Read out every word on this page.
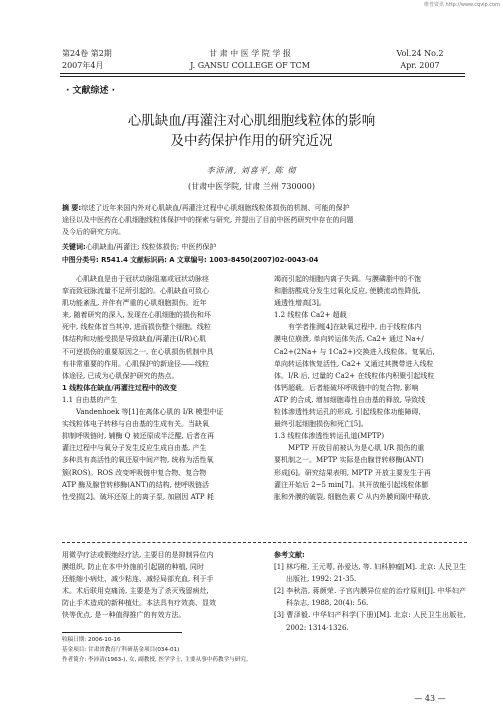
维普资讯 http://www.cqvip.com
第24卷 第2期
2007年4月
甘 肃 中 医 学 院 学 报
J. GANSU COLLEGE OF TCM
Vol.24 No.2
Apr. 2007
· 文献综述 ·
心肌缺血/再灌注对心肌细胞线粒体的影响
及中药保护作用的研究近况
李沛清, 刘喜平, 陈 彻
(甘肃中医学院, 甘肃 兰州 730000)
摘 要:综述了近年来国内外对心肌缺血/再灌注过程中心肌细胞线粒体损伤的机制、可能的保护
途径以及中医药在心肌细胞线粒体保护中的探索与研究, 并提出了目前中医药研究中存在的问题
及今后的研究方向。
关键词:心肌缺血/再灌注; 线粒体损伤; 中医药保护
中图分类号: R541.4 文献标识码: A 文章编号: 1003-8450(2007)02-0043-04

心肌缺血是由于冠状动脉阻塞或冠状动脉痉

挛而致冠脉流量不足所引起的。心肌缺血可致心
肌功能紊乱, 并伴有严重的心肌细胞损伤。近年
来, 随着研究的深入, 发现在心肌细胞的损伤和坏
死中, 线粒体首当其冲, 进而损伤整个细胞。线粒
体结构和功能受损是导致缺血/再灌注(I/R)心肌
不可逆损伤的重要原因之一, 在心肌损伤机制中具
有非常重要的作用。心肌保护的新途径——线粒
体途径, 已成为心肌保护研究的热点。
1 线粒体在缺血/再灌注过程中的改变
1.1 自由基的产生

Vandenhoek 等[1]在离体心肌的 I/R 模型中证

实线粒体电子转移与自由基的生成有关。当缺氧
抑制呼吸链时, 辅酶 Q 被还原成半泛醌, 后者在再
灌注过程中与氧分子发生反应生成自由基, 产生
多种具有高活性的氧还原中间产物, 统称为活性氧
簇(ROS)。ROS 改变呼吸链中复合物、复合物
ATP 酶及腺苷转移酶(ANT)的结构, 使呼吸链活
性受损[2]。破坏还原上的离子泵, 加剧因 ATP 耗
竭而引起的细胞内离子失调。与膜磷脂中的不饱
和脂肪酸成分发生过氧化反应, 使膜流动性降低,
通透性增高[3]。
1.2 线粒体 Ca2+ 超载

有学者推测[4]在缺氧过程中, 由于线粒体内

膜电位崩溃, 单向转运体失活, Ca2+ 通过 Na+/
Ca2+(2Na+ 与 1Ca2+)交换进入线粒体。复氧后,
单向转运体恢复活性, Ca2+ 又通过其携带进入线粒
体。I/R 后, 过量的 Ca2+ 在线粒体内积聚引起线粒
体钙超载。后者能破坏呼吸链中的复合物, 影响
ATP 的合成, 增加细胞毒性自由基的释放, 导致线
粒体渗透性转运孔的形成, 引起线粒体功能障碍,
最终引起细胞损伤和死亡[5]。
1.3 线粒体渗透性转运孔道(MPTP)

MPTP 开放目前被认为是心肌 I/R 损伤的重

要机制之一。MPTP 实际是由腺苷转移酶(ANT)
形成[6]。研究结果表明, MPTP 开放主要发生于再
灌注开始后 2~5 min[7]。其开放能引起线粒体膨
胀和外膜的破裂, 细胞色素 C 从内外膜间隙中释放,
用微孕疗法或假绝经疗法, 主要目的是抑制异位内
膜组织, 防止在本中外施前引起剧的种植, 同时
还能缩小病灶、减少粘连、减轻局部充血, 利于手
术。术后联用克痛汤, 主要是为了杀灭残留病灶,
防止手术造成的新种植灶。本法具有疗效高、显效
快等优点, 是一种值得推广的有效方法。
参考文献:
[1] 林巧稚, 王元萼, 孙爱达, 等. 妇科肿瘤[M]. 北京: 人民卫生出版社, 1992: 21-35.
[2] 李秋浩, 蒋颜荣. 子宫内膜异位症的治疗原则[J]. 中华妇产科杂志, 1988, 20(4): 56.
[3] 曹泽毅. 中华妇产科学(下册)[M]. 北京: 人民卫生出版社, 2002: 1314-1326.
收稿日期: 2006-10-16
基金项目: 甘肃省教育厅科研基金项目(034-01)
作者简介: 李沛清(1963-), 女, 副教授, 医学学士, 主要从事中药教学与研究。
— 43 —
